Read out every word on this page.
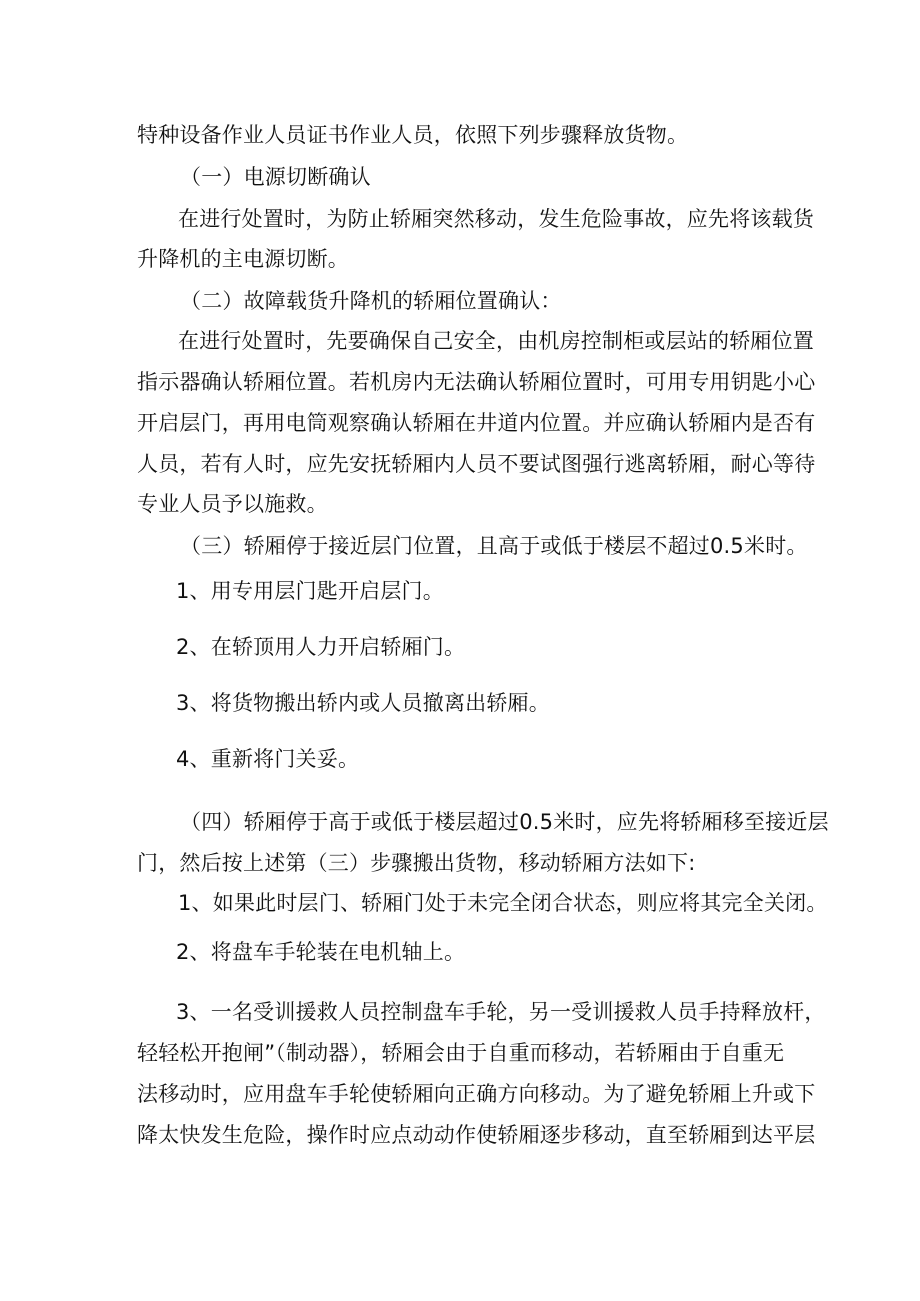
特种设备作业人员证书作业人员，依照下列步骤释放货物。
（一）电源切断确认
在进行处置时，为防止轿厢突然移动，发生危险事故，应先将该载货
升降机的主电源切断。
（二）故障载货升降机的轿厢位置确认：
在进行处置时，先要确保自己安全，由机房控制柜或层站的轿厢位置
指示器确认轿厢位置。若机房内无法确认轿厢位置时，可用专用钥匙小心
开启层门，再用电筒观察确认轿厢在井道内位置。并应确认轿厢内是否有
人员，若有人时，应先安抚轿厢内人员不要试图强行逃离轿厢，耐心等待
专业人员予以施救。
（三）轿厢停于接近层门位置，且高于或低于楼层不超过0.5米时。
1、用专用层门匙开启层门。
2、在轿顶用人力开启轿厢门。
3、将货物搬出轿内或人员撤离出轿厢。
4、重新将门关妥。
（四）轿厢停于高于或低于楼层超过0.5米时，应先将轿厢移至接近层
门，然后按上述第（三）步骤搬出货物，移动轿厢方法如下:
1、如果此时层门、轿厢门处于未完全闭合状态，则应将其完全关闭。
2、将盘车手轮装在电机轴上。
3、一名受训援救人员控制盘车手轮，另一受训援救人员手持释放杆，
轻轻松开抱闸”（制动器），轿厢会由于自重而移动，若轿厢由于自重无
法移动时，应用盘车手轮使轿厢向正确方向移动。为了避免轿厢上升或下
降太快发生危险，操作时应点动动作使轿厢逐步移动，直至轿厢到达平层
